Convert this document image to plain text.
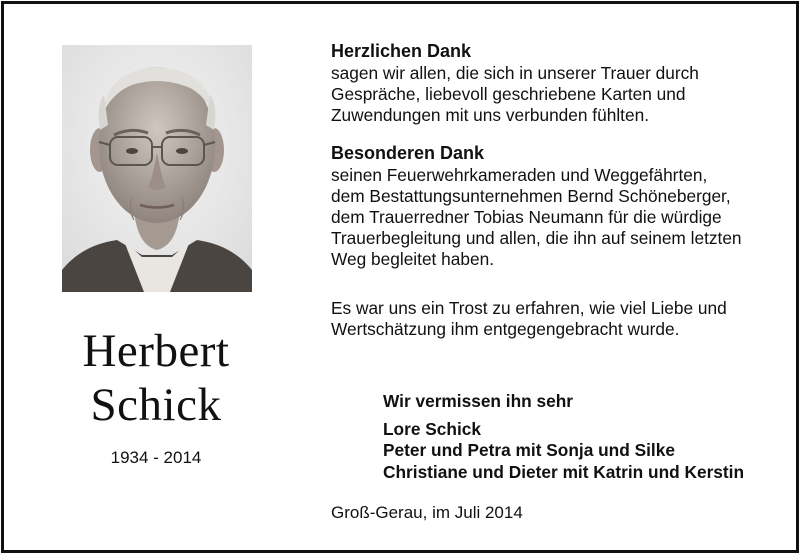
Herbert
Schick
1934 - 2014
Herzlichen Dank

sagen wir allen, die sich in unserer Trauer durch
Gespräche, liebevoll geschriebene Karten und
Zuwendungen mit uns verbunden fühlten.

Besonderen Dank

seinen Feuerwehrkameraden und Weggefährten,
dem Bestattungsunternehmen Bernd Schöneberger,
dem Trauerredner Tobias Neumann für die würdige
Trauerbegleitung und allen, die ihn auf seinem letzten
Weg begleitet haben.

Es war uns ein Trost zu erfahren, wie viel Liebe und
Wertschätzung ihm entgegengebracht wurde.

Wir vermissen ihn sehr
Lore Schick
Peter und Petra mit Sonja und Silke
Christiane und Dieter mit Katrin und Kerstin
Groß-Gerau, im Juli 2014
